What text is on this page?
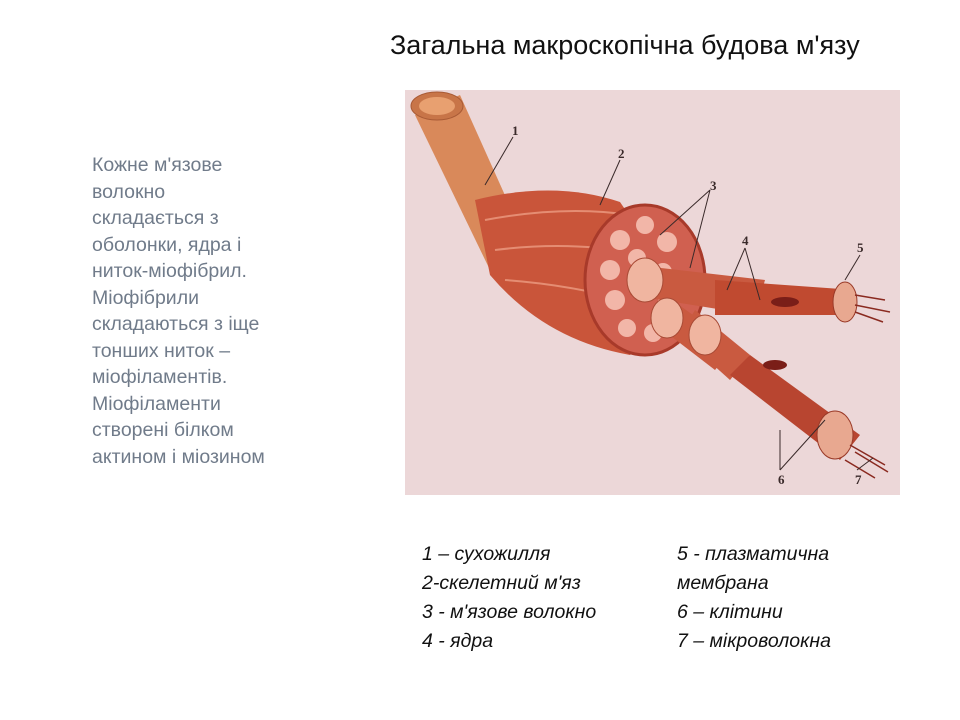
Загальна макроскопічна будова м'язу
Кожне м'язове
волокно
складається з
оболонки, ядра і
ниток-міофібрил.
Міофібрили
складаються з іще
тонших ниток –
міофіламентів.
Міофіламенти
створені білком
актином і міозином
1
2
3
4	5
6	7
1 – сухожилля
2-скелетний м'яз
3 - м'язове волокно
4 - ядра
5 - плазматична
мембрана
6 – клітини
7 – мікроволокна
